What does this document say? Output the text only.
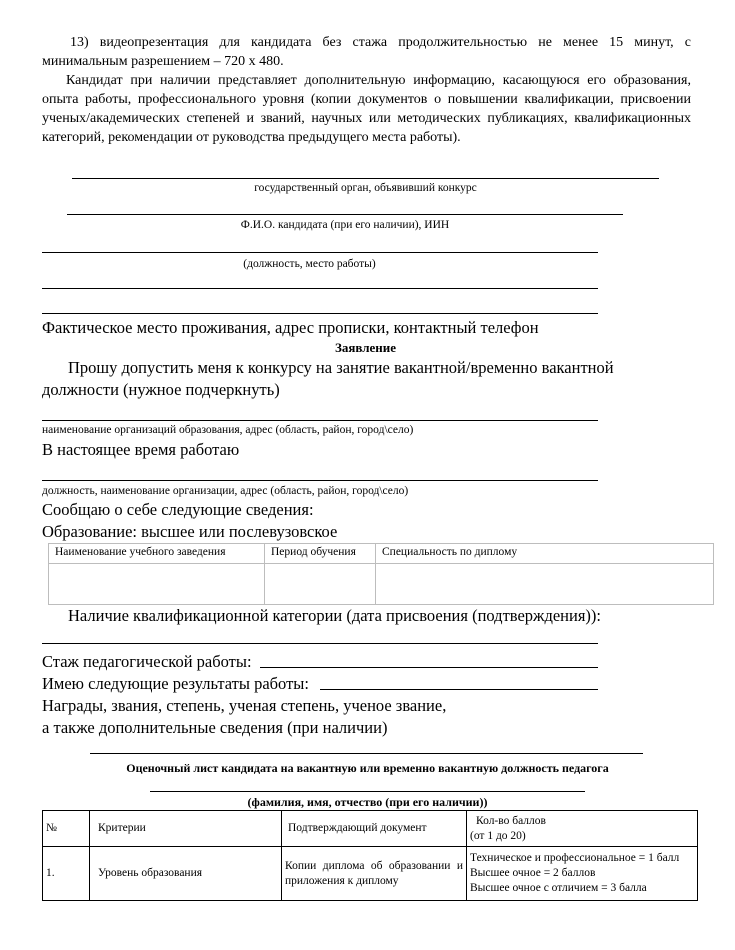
13) видеопрезентация для кандидата без стажа продолжительностью не менее 15 минут, с минимальным разрешением – 720 x 480.
Кандидат при наличии представляет дополнительную информацию, касающуюся его образования, опыта работы, профессионального уровня (копии документов о повышении квалификации, присвоении ученых/академических степеней и званий, научных или методических публикациях, квалификационных категорий, рекомендации от руководства предыдущего места работы).
государственный орган, объявивший конкурс
Ф.И.О. кандидата (при его наличии), ИИН
(должность, место работы)
Фактическое место проживания, адрес прописки, контактный телефон
Заявление
Прошу допустить меня к конкурсу на занятие вакантной/временно вакантной
должности (нужное подчеркнуть)
наименование организаций образования, адрес (область, район, город\село)
В настоящее время работаю
должность, наименование организации, адрес (область, район, город\село)
Сообщаю о себе следующие сведения:
Образование: высшее или послевузовское
Наименование учебного заведения	Период обучения	Специальность по диплому

Наличие квалификационной категории (дата присвоения (подтверждения)):
Стаж педагогической работы:
Имею следующие результаты работы:
Награды, звания, степень, ученая степень, ученое звание,
а также дополнительные сведения (при наличии)
Оценочный лист кандидата на вакантную или временно вакантную должность педагога
(фамилия, имя, отчество (при его наличии))
№	Критерии	Подтверждающий документ	Кол-во баллов
(от 1 до 20)

1.	Уровень образования	Копии диплома об образовании и приложения к диплому	Техническое и профессиональное = 1 балл
Высшее очное = 2 баллов
Высшее очное с отличием = 3 балла
